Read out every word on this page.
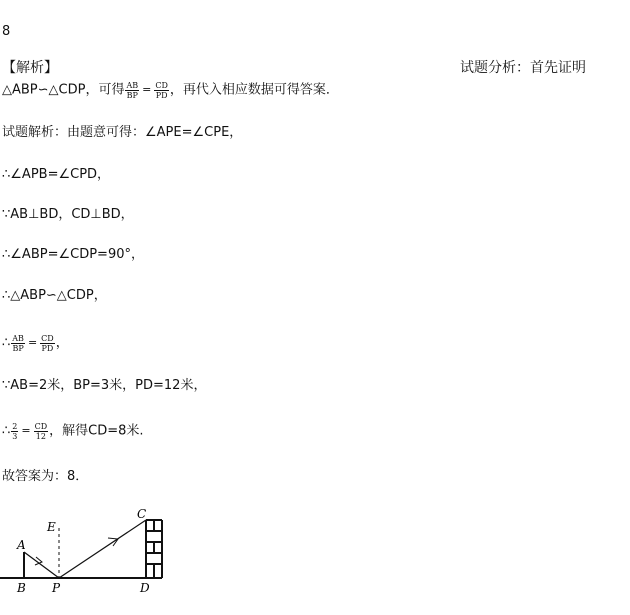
8
【解析】	试题分析：首先证明
△ABP∽△CDP，可得 $\frac{AB}{BP} = \frac{CD}{PD}$ ，再代入相应数据可得答案．
试题解析：由题意可得：∠APE=∠CPE，
∴∠APB=∠CPD，
∵AB⊥BD，CD⊥BD，
∴∠ABP=∠CDP=90°，
∴△ABP∽△CDP，
∴ $\frac{AB}{BP} = \frac{CD}{PD}$ ，
∵AB=2米，BP=3米，PD=12米，
∴ $\frac{2}{3} = \frac{CD}{12}$ ，解得CD=8米.
故答案为：8．
A
B
E
P
C
D
